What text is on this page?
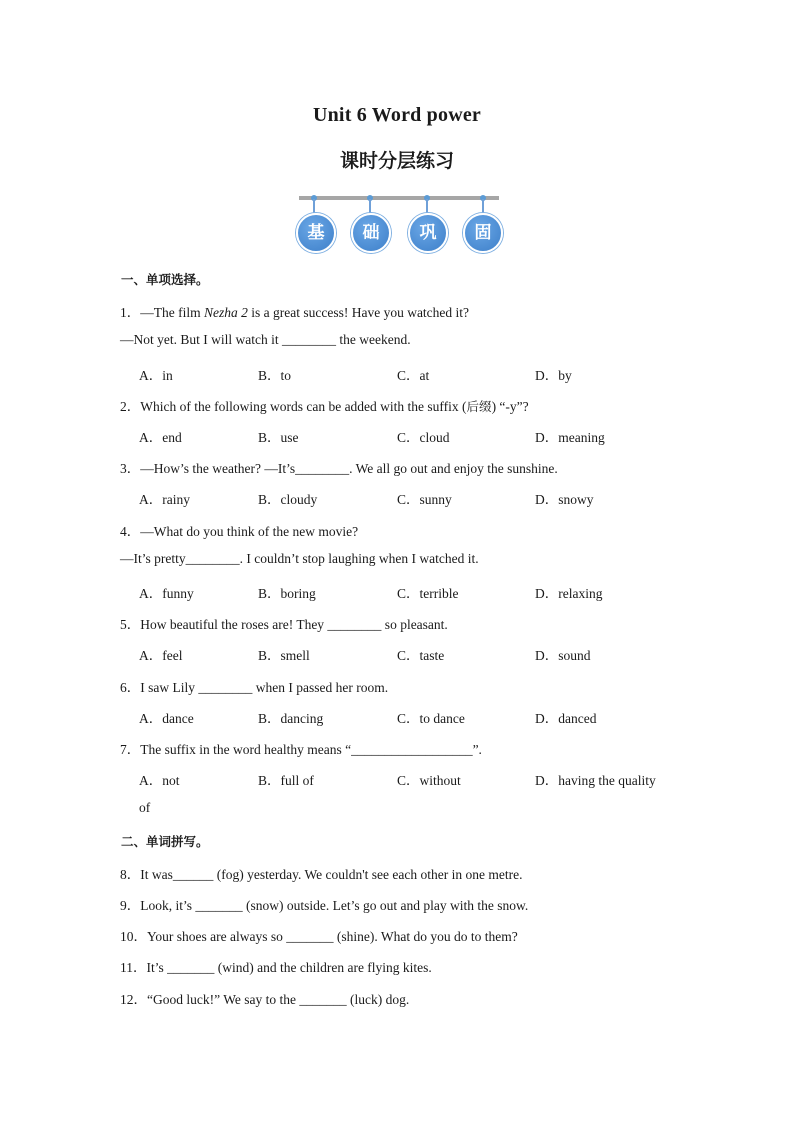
Unit 6 Word power
课时分层练习
基	础	巩	固
一、单项选择。
1．—The film Nezha 2 is a great success! Have you watched it?
—Not yet. But I will watch it ________ the weekend.
A．in	B．to	C．at	D．by
2．Which of the following words can be added with the suffix (后缀) “-y”?
A．end	B．use	C．cloud	D．meaning
3．—How’s the weather? —It’s________. We all go out and enjoy the sunshine.
A．rainy	B．cloudy	C．sunny	D．snowy
4．—What do you think of the new movie?
—It’s pretty________. I couldn’t stop laughing when I watched it.
A．funny	B．boring	C．terrible	D．relaxing
5．How beautiful the roses are! They ________ so pleasant.
A．feel	B．smell	C．taste	D．sound
6．I saw Lily ________ when I passed her room.
A．dance	B．dancing	C．to dance	D．danced
7．The suffix in the word healthy means “__________________”.
A．not	B．full of	C．without	D．having the quality
of
二、单词拼写。
8．It was______ (fog) yesterday. We couldn't see each other in one metre.
9．Look, it’s _______ (snow) outside. Let’s go out and play with the snow.
10．Your shoes are always so _______ (shine). What do you do to them?
11．It’s _______ (wind) and the children are flying kites.
12．“Good luck!” We say to the _______ (luck) dog.
